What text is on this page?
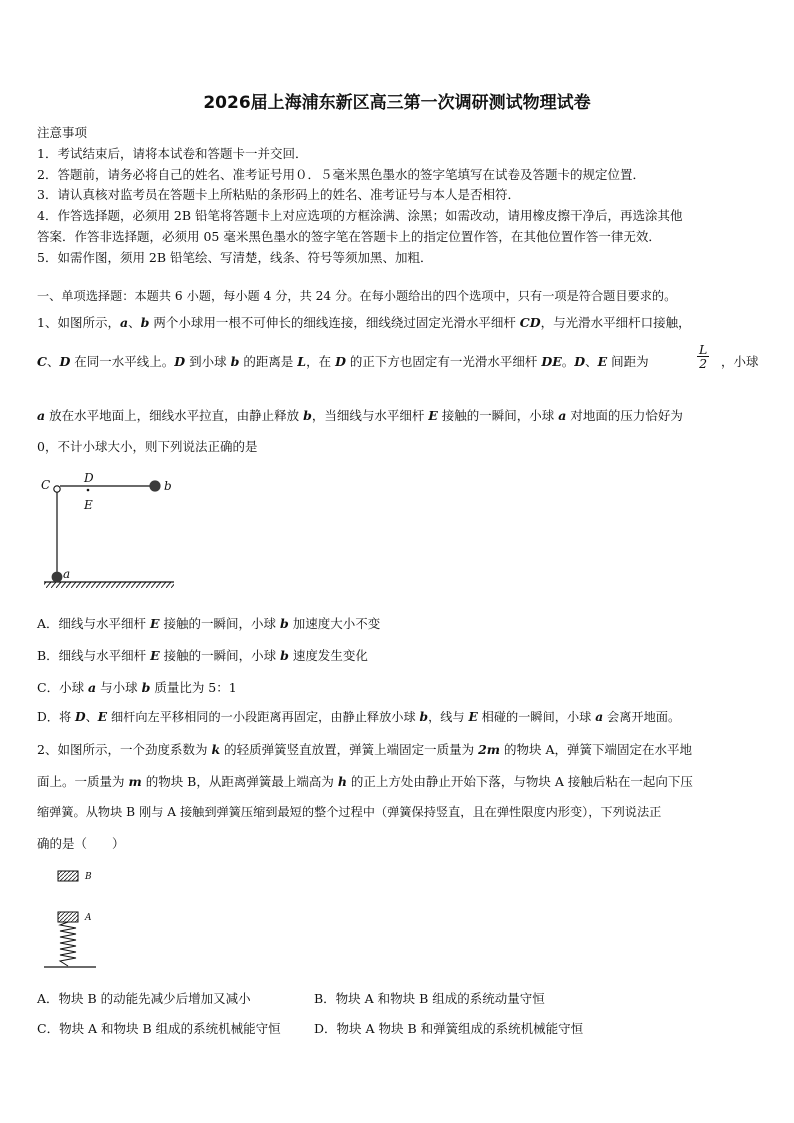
2026届上海浦东新区高三第一次调研测试物理试卷
注意事项
1．考试结束后，请将本试卷和答题卡一并交回．
2．答题前，请务必将自己的姓名、准考证号用０．５毫米黑色墨水的签字笔填写在试卷及答题卡的规定位置．
3．请认真核对监考员在答题卡上所粘贴的条形码上的姓名、准考证号与本人是否相符．
4．作答选择题，必须用 2B 铅笔将答题卡上对应选项的方框涂满、涂黑；如需改动，请用橡皮擦干净后，再选涂其他
答案．作答非选择题，必须用 05 毫米黑色墨水的签字笔在答题卡上的指定位置作答，在其他位置作答一律无效．
5．如需作图，须用 2B 铅笔绘、写清楚，线条、符号等须加黑、加粗．
一、单项选择题：本题共 6 小题，每小题 4 分，共 24 分。在每小题给出的四个选项中，只有一项是符合题目要求的。
1、如图所示，a、b 两个小球用一根不可伸长的细线连接，细线绕过固定光滑水平细杆 CD，与光滑水平细杆口接触，
C、D 在同一水平线上。D 到小球 b 的距离是 L，在 D 的正下方也固定有一光滑水平细杆 DE。D、E 间距为	$\frac{L}{2}$ ，小球
a 放在水平地面上，细线水平拉直，由静止释放 b，当细线与水平细杆 E 接触的一瞬间，小球 a 对地面的压力恰好为
0，不计小球大小，则下列说法正确的是
C	D
E
b
a
A．细线与水平细杆 E 接触的一瞬间，小球 b 加速度大小不变
B．细线与水平细杆 E 接触的一瞬间，小球 b 速度发生变化
C．小球 a 与小球 b 质量比为 5：1
D．将 D、E 细杆向左平移相同的一小段距离再固定，由静止释放小球 b，线与 E 相碰的一瞬间，小球 a 会离开地面。
2、如图所示，一个劲度系数为 k 的轻质弹簧竖直放置，弹簧上端固定一质量为 2m 的物块 A，弹簧下端固定在水平地
面上。一质量为 m 的物块 B，从距离弹簧最上端高为 h 的正上方处由静止开始下落，与物块 A 接触后粘在一起向下压
缩弹簧。从物块 B 刚与 A 接触到弹簧压缩到最短的整个过程中（弹簧保持竖直，且在弹性限度内形变），下列说法正
确的是（　　）
B
A
A．物块 B 的动能先减少后增加又减小	B．物块 A 和物块 B 组成的系统动量守恒
C．物块 A 和物块 B 组成的系统机械能守恒	D．物块 A 物块 B 和弹簧组成的系统机械能守恒
